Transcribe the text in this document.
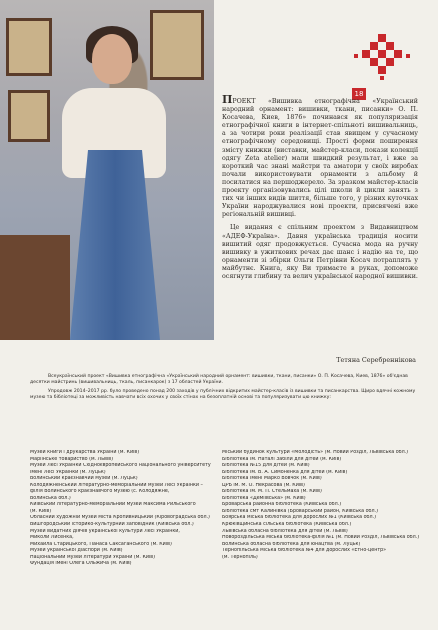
18

ПРОЕКТ «Вишивка етнографічна «Український народний орнамент: вишивки, ткани, писанки» О. П. Косачева, Киев, 1876» починався як популяризація етнографічної книги в інтернет-спільноті вишивальниць, а за чотири роки реалізації став явищем у сучасному етнографічному середовищі. Прості форми поширення змісту книжки (виставки, майстер-класи, покази колекції одягу Zeta atelier) мали швидкий результат, і вже за короткий час знані майстри та аматори у своїх виробах почали використовувати орнаменти з альбому й посилатися на першоджерело. За зразком майстер-класів проекту організовувались цілі школи й цикли занять з тих чи інших видів шиття, більше того, у різних куточках України народжувалися нові проекти, присвячені вже регіональній вишивці.

Це видання є спільним проектом з Видавництвом «АДЕФ-Україна». Давня українська традиція носити вишитий одяг продовжується. Сучасна мода на ручну вишивку в ужиткових речах дає шанс і надію на те, що орнаменти зі збірки Ольги Петрівни Косач потраплять у майбутнє. Книга, яку Ви тримаєте в руках, допоможе осягнути глибину та велич української народної вишивки.

Тетяна Серебреннікова

Всеукраїнський проект «Вишивка етнографічна «Український народний орнамент: вишивки, ткани, писанки» О. П. Косачева, Киев, 1876» об'єднав десятки майстринь (вишивальниць, ткаль, писанкарок) з 17 областей України.

Упродовж 2014–2017 рр. було проведено понад 200 заходів у публічних відкритих майстер-класів із вишивки та писанкарства. Щиро вдячні кожному музею та бібліотеці за можливість навчати всіх охочих у своїх стінах на безоплатній основі та популяризувати цю книжку:

Музей книги і друкарства України (м. Київ)
Маріїнське товариство (м. Львів)
Музей Лесі Українки Східноєвропейського національного університету
імені Лесі Українки (м. Луцьк)
Волинський краєзнавчий музей (м. Луцьк)
Колодяжненський літературно-меморіальний музей Лесі Українки –
філія Волинського краєзнавчого музею (с. Колодяжне,
Волинська обл.)
Київський літературно-меморіальний музей Максима Рильського
(м. Київ)
Обласний художній музей міста Кропивницький (Кіровоградська обл.)
Вишгородський історико-культурний заповідник (Київська обл.)
Музей видатних діячів української культури Лесі Українки,
Миколи Лисенка,
Михайла Старицького, Панаса Саксаганського (м. Київ)
Музей української діаспори (м. Київ)
Національний музей літератури України (м. Київ)
Фундація імені Олега Ольжича (м. Київ)
Міський будинок культури «Молодість» (м. Новий Розділ, Львівська обл.)
Бібліотека ім. Наталі Забіли для дітей (м. Київ)
Бібліотека №15 для дітей (м. Київ)
Бібліотека ім. В. А. Симоненка для дітей (м. Київ)
Бібліотека імені Марко Вовчок (м. Київ)
ЦРБ ім. М. О. Некрасова (м. Київ)
Бібліотека ім. М. П. Стельмаха (м. Київ)
Бібліотека «Деміївська» (м. Київ)
Броварська районна бібліотека (Київська обл.)
Бібліотека смт Калинівка (Броварський район, Київська обл.)
Боярська міська бібліотека для дорослих №1 (Київська обл.)
Крюківщинська сільська бібліотека (Київська обл.)
Львівська обласна бібліотека для дітей (м. Львів)
Новороздільська міська бібліотека-філія №1 (м. Новий Розділ, Львівська обл.)
Волинська обласна бібліотека для юнацтва (м. Луцьк)
Тернопільська міська бібліотека №4 для дорослих «Етно-центр»
(м. Тернопіль)
